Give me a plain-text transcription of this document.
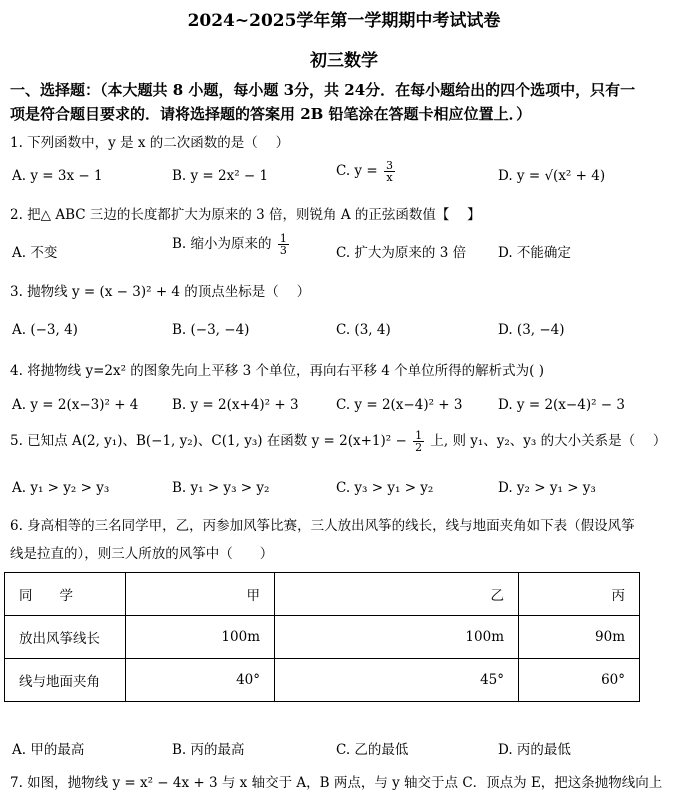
2024~2025学年第一学期期中考试试卷
初三数学
一、选择题：（本大题共 8 小题，每小题 3分，共 24分．在每小题给出的四个选项中，只有一
项是符合题目要求的．请将选择题的答案用 2B 铅笔涂在答题卡相应位置上．）
1. 下列函数中，y 是 x 的二次函数的是（　 ）
A. y = 3x − 1	B. y = 2x² − 1	C. $y = \frac{3}{x}$	D. y = √(x² + 4)
2. 把△ ABC 三边的长度都扩大为原来的 3 倍，则锐角 A 的正弦函数值【　 】
A. 不变
B. 缩小为原来的 $\frac{1}{3}$	C. 扩大为原来的 3 倍 D. 不能确定
3. 抛物线 y = (x − 3)² + 4 的顶点坐标是（　 ）
A. (−3, 4)	B. (−3, −4)	C. (3, 4)	D. (3, −4)
4. 将抛物线 y=2x² 的图象先向上平移 3 个单位，再向右平移 4 个单位所得的解析式为( )
A. y = 2(x−3)² + 4 B. y = 2(x+4)² + 3	C. y = 2(x−4)² + 3	D. y = 2(x−4)² − 3
5. 已知点 A(2, y₁)、B(−1, y₂)、C(1, y₃) 在函数 $y = 2(x+1)^2 - \frac{1}{2}$ 上, 则 y₁、y₂、y₃ 的大小关系是（　 ）
A. y₁ > y₂ > y₃	B. y₁ > y₃ > y₂	C. y₃ > y₁ > y₂	D. y₂ > y₁ > y₃
6. 身高相等的三名同学甲，乙，丙参加风筝比赛，三人放出风筝的线长，线与地面夹角如下表（假设风筝
线是拉直的），则三人所放的风筝中（　　）
同　　学	甲	乙	丙
放出风筝线长	100m	100m	90m
线与地面夹角	40°	45°	60°
A. 甲的最高	B. 丙的最高	C. 乙的最低	D. 丙的最低
7. 如图，抛物线 y = x² − 4x + 3 与 x 轴交于 A，B 两点，与 y 轴交于点 C．顶点为 E，把这条抛物线向上
